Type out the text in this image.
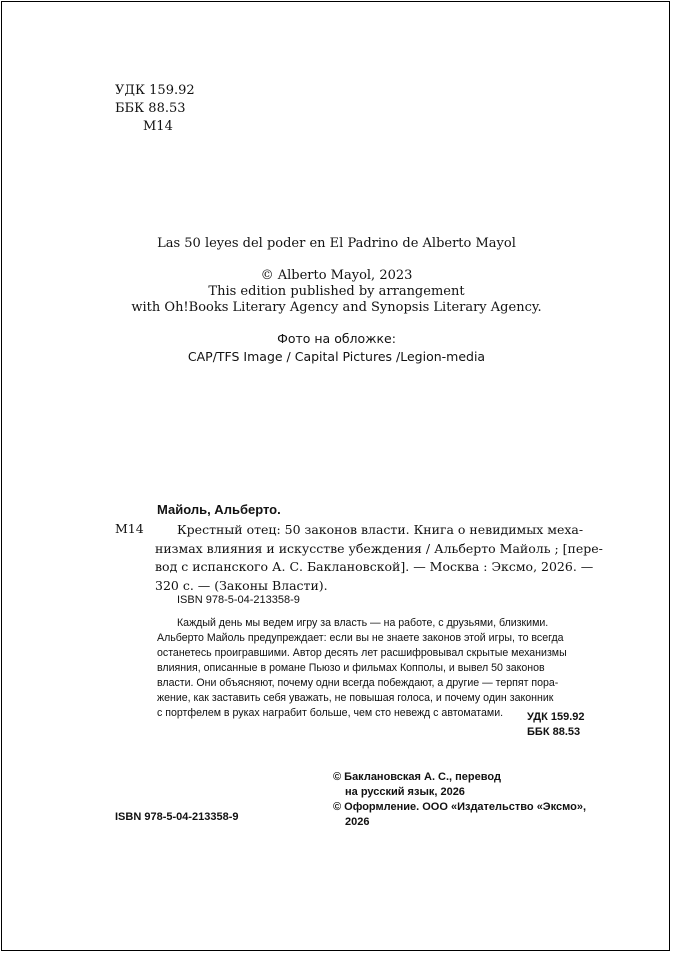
УДК 159.92
ББК 88.53
М14
Las 50 leyes del poder en El Padrino de Alberto Mayol
© Alberto Mayol, 2023
This edition published by arrangement
with Oh!Books Literary Agency and Synopsis Literary Agency.
Фото на обложке:
CAP/TFS Image / Capital Pictures /Legion-media
Майоль, Альберто.
М14	Крестный отец: 50 законов власти. Книга о невидимых меха-
низмах влияния и искусстве убеждения / Альберто Майоль ; [пере-
вод с испанского А. С. Баклановской]. — Москва : Эксмо, 2026. —
320 с. — (Законы Власти).
ISBN 978-5-04-213358-9
Каждый день мы ведем игру за власть — на работе, с друзьями, близкими.
Альберто Майоль предупреждает: если вы не знаете законов этой игры, то всегда
останетесь проигравшими. Автор десять лет расшифровывал скрытые механизмы
влияния, описанные в романе Пьюзо и фильмах Копполы, и вывел 50 законов
власти. Они объясняют, почему одни всегда побеждают, а другие — терпят пора-
жение, как заставить себя уважать, не повышая голоса, и почему один законник
с портфелем в руках награбит больше, чем сто невежд с автоматами.	УДК 159.92
ББК 88.53
© Баклановская А. С., перевод
на русский язык, 2026
© Оформление. ООО «Издательство «Эксмо»,
2026
ISBN 978-5-04-213358-9
